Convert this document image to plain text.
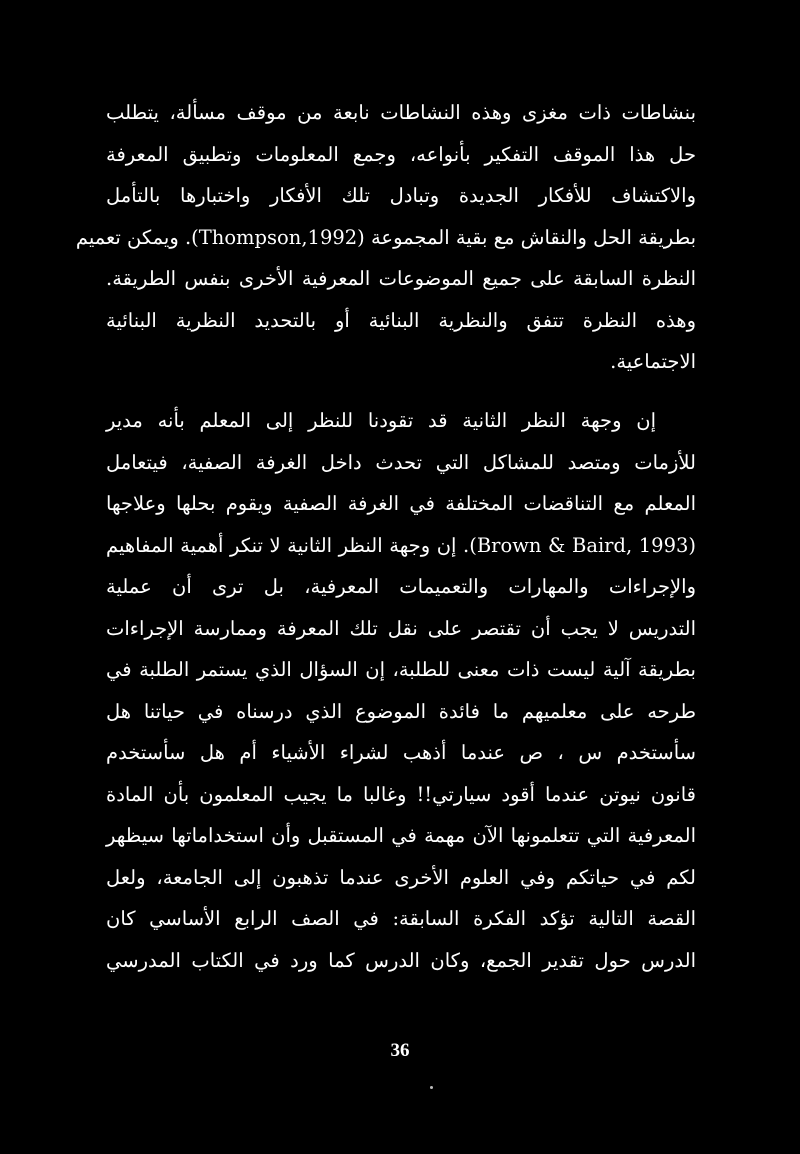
بنشاطات ذات مغزى وهذه النشاطات نابعة من موقف مسألة، يتطلب
حل هذا الموقف التفكير بأنواعه، وجمع المعلومات وتطبيق المعرفة
والاكتشاف للأفكار الجديدة وتبادل تلك الأفكار واختبارها بالتأمل
بطريقة الحل والنقاش مع بقية المجموعة (Thompson,1992). ويمكن تعميم
النظرة السابقة على جميع الموضوعات المعرفية الأخرى بنفس الطريقة.
وهذه النظرة تتفق والنظرية البنائية أو بالتحديد النظرية البنائية
الاجتماعية.
إن وجهة النظر الثانية قد تقودنا للنظر إلى المعلم بأنه مدير
للأزمات ومتصد للمشاكل التي تحدث داخل الغرفة الصفية، فيتعامل
المعلم مع التناقضات المختلفة في الغرفة الصفية ويقوم بحلها وعلاجها
(Brown & Baird, 1993). إن وجهة النظر الثانية لا تنكر أهمية المفاهيم
والإجراءات والمهارات والتعميمات المعرفية، بل ترى أن عملية
التدريس لا يجب أن تقتصر على نقل تلك المعرفة وممارسة الإجراءات
بطريقة آلية ليست ذات معنى للطلبة، إن السؤال الذي يستمر الطلبة في
طرحه على معلميهم ما فائدة الموضوع الذي درسناه في حياتنا هل
سأستخدم س ، ص عندما أذهب لشراء الأشياء أم هل سأستخدم
قانون نيوتن عندما أقود سيارتي!! وغالبا ما يجيب المعلمون بأن المادة
المعرفية التي تتعلمونها الآن مهمة في المستقبل وأن استخداماتها سيظهر
لكم في حياتكم وفي العلوم الأخرى عندما تذهبون إلى الجامعة، ولعل
القصة التالية تؤكد الفكرة السابقة: في الصف الرابع الأساسي كان
الدرس حول تقدير الجمع، وكان الدرس كما ورد في الكتاب المدرسي
36
